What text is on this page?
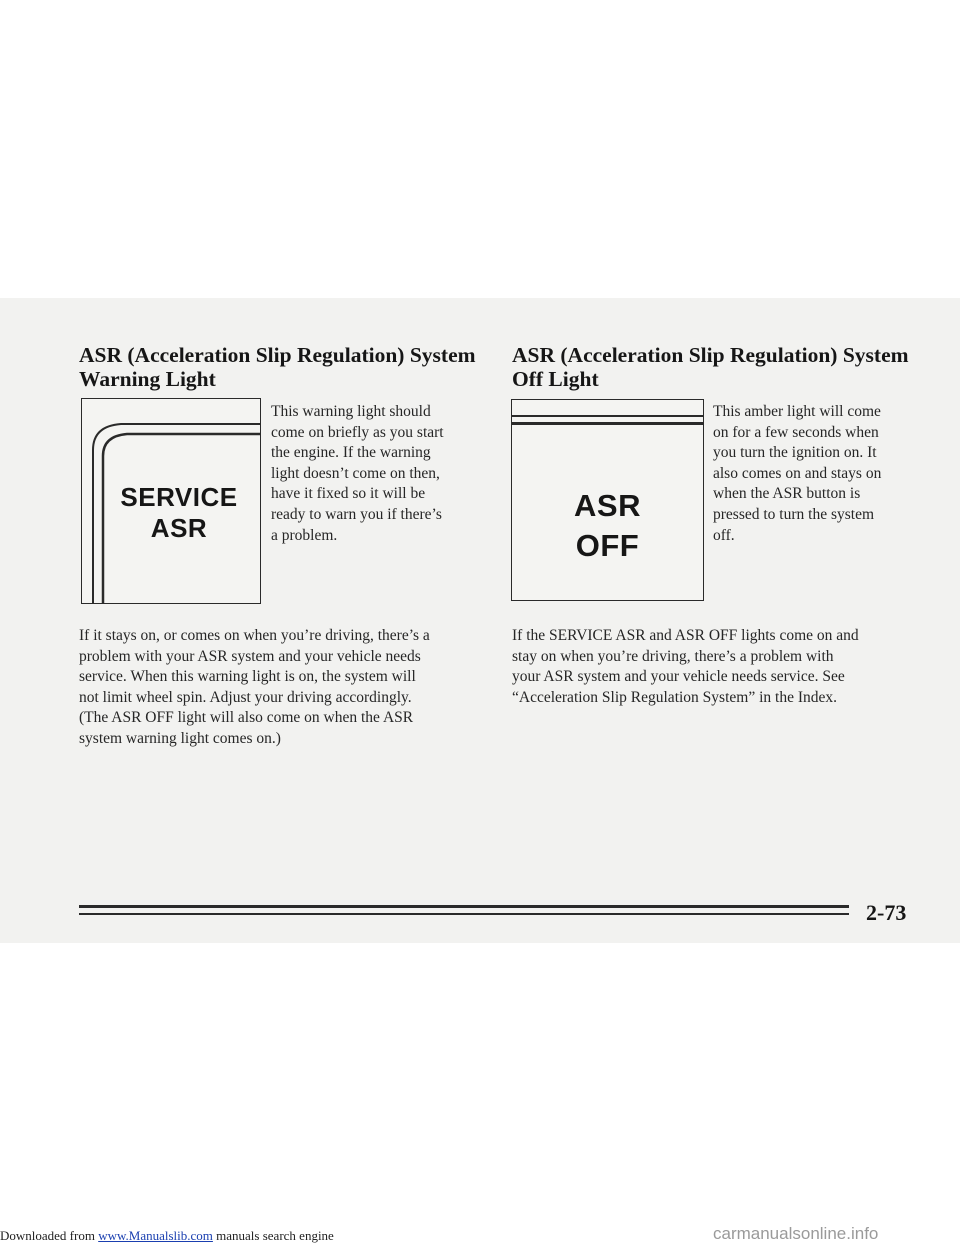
ASR (Acceleration Slip Regulation) System
Warning Light
SERVICE
ASR
This warning light should
come on briefly as you start
the engine. If the warning
light doesn’t come on then,
have it fixed so it will be
ready to warn you if there’s
a problem.
If it stays on, or comes on when you’re driving, there’s a
problem with your ASR system and your vehicle needs
service. When this warning light is on, the system will
not limit wheel spin. Adjust your driving accordingly.
(The ASR OFF light will also come on when the ASR
system warning light comes on.)
ASR (Acceleration Slip Regulation) System
Off Light
ASR
OFF
This amber light will come
on for a few seconds when
you turn the ignition on. It
also comes on and stays on
when the ASR button is
pressed to turn the system
off.
If the SERVICE ASR and ASR OFF lights come on and
stay on when you’re driving, there’s a problem with
your ASR system and your vehicle needs service. See
“Acceleration Slip Regulation System” in the Index.
2-73
Downloaded from www.Manualslib.com manuals search engine	carmanualsonline.info
